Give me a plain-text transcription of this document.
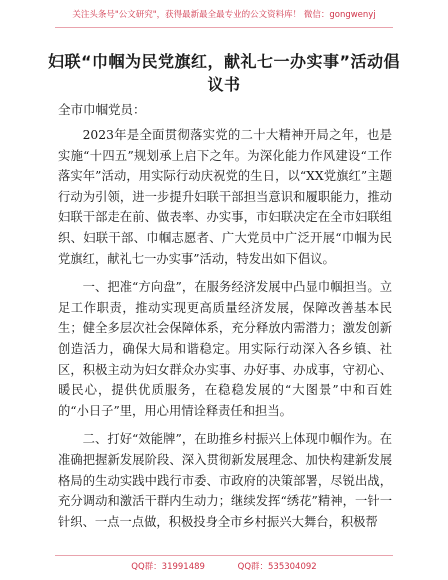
关注头条号"公文研究"，获得最新最全最专业的公文资料库！ 微信：gongwenyj
妇联“巾帼为民党旗红，献礼七一办实事”活动倡议书
全市巾帼党员：

2023年是全面贯彻落实党的二十大精神开局之年，也是实施“十四五”规划承上启下之年。为深化能力作风建设“工作落实年”活动，用实际行动庆祝党的生日，以“XX党旗红”主题行动为引领，进一步提升妇联干部担当意识和履职能力，推动妇联干部走在前、做表率、办实事，市妇联决定在全市妇联组织、妇联干部、巾帼志愿者、广大党员中广泛开展“巾帼为民党旗红，献礼七一办实事”活动，特发出如下倡议。

一、把准“方向盘”，在服务经济发展中凸显巾帼担当。立足工作职责，推动实现更高质量经济发展，保障改善基本民生；健全多层次社会保障体系，充分释放内需潜力；激发创新创造活力，确保大局和谐稳定。用实际行动深入各乡镇、社区，积极主动为妇女群众办实事、办好事、办成事，守初心、暖民心，提供优质服务，在稳稳发展的“大图景”中和百姓的“小日子”里，用心用情诠释责任和担当。

二、打好“效能牌”，在助推乡村振兴上体现巾帼作为。在准确把握新发展阶段、深入贯彻新发展理念、加快构建新发展格局的生动实践中践行市委、市政府的决策部署，尽锐出战，充分调动和激活干群内生动力；继续发挥“绣花”精神，一针一针织、一点一点做，积极投身全市乡村振兴大舞台，积极帮

QQ群：31991489	QQ群：535304092
